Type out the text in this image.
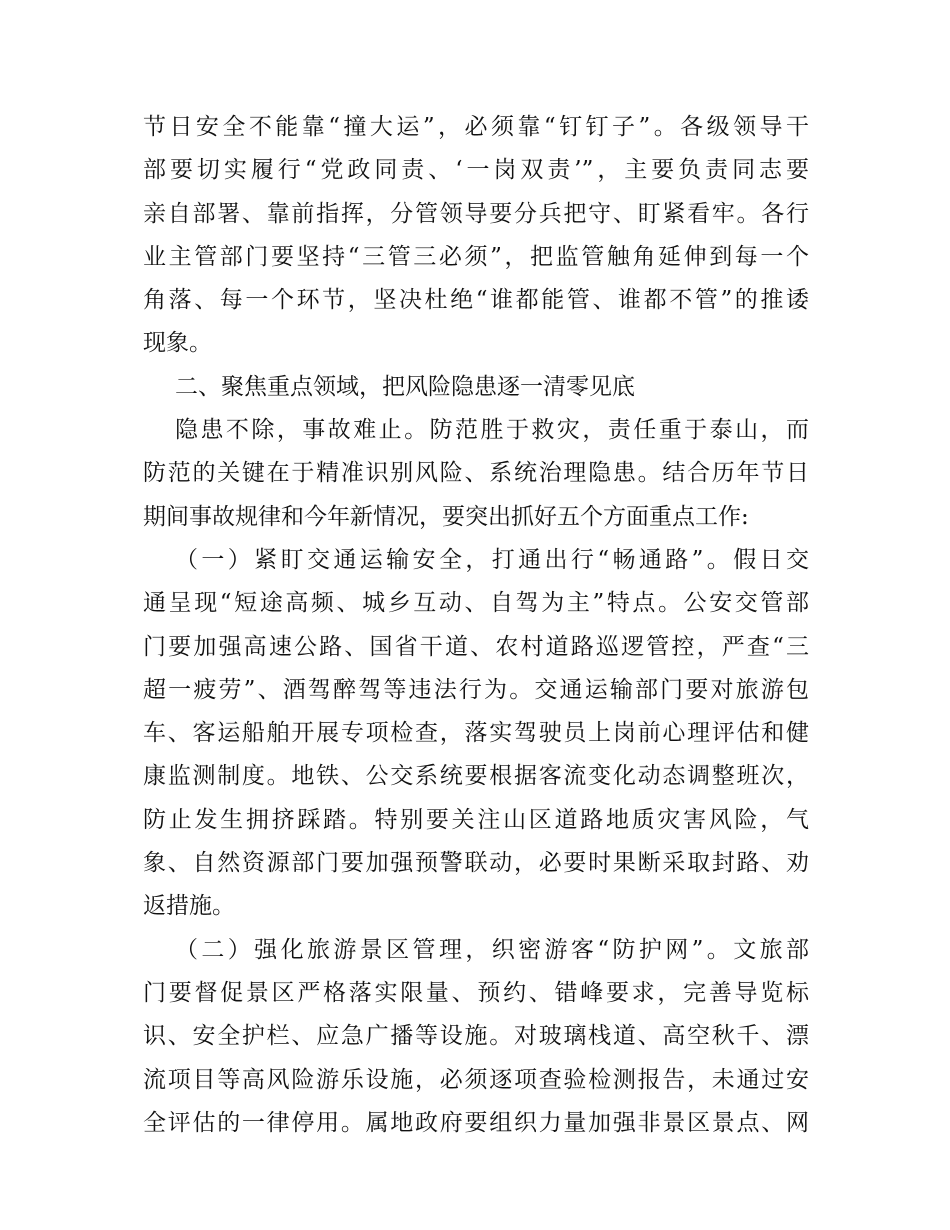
节日安全不能靠“撞大运”，必须靠“钉钉子”。各级领导干
部要切实履行“党政同责、‘一岗双责’”，主要负责同志要
亲自部署、靠前指挥，分管领导要分兵把守、盯紧看牢。各行
业主管部门要坚持“三管三必须”，把监管触角延伸到每一个
角落、每一个环节，坚决杜绝“谁都能管、谁都不管”的推诿
现象。
二、聚焦重点领域，把风险隐患逐一清零见底
隐患不除，事故难止。防范胜于救灾，责任重于泰山，而
防范的关键在于精准识别风险、系统治理隐患。结合历年节日
期间事故规律和今年新情况，要突出抓好五个方面重点工作:
（一）紧盯交通运输安全，打通出行“畅通路”。假日交
通呈现“短途高频、城乡互动、自驾为主”特点。公安交管部
门要加强高速公路、国省干道、农村道路巡逻管控，严查“三
超一疲劳”、酒驾醉驾等违法行为。交通运输部门要对旅游包
车、客运船舶开展专项检查，落实驾驶员上岗前心理评估和健
康监测制度。地铁、公交系统要根据客流变化动态调整班次，
防止发生拥挤踩踏。特别要关注山区道路地质灾害风险，气
象、自然资源部门要加强预警联动，必要时果断采取封路、劝
返措施。
（二）强化旅游景区管理，织密游客“防护网”。文旅部
门要督促景区严格落实限量、预约、错峰要求，完善导览标
识、安全护栏、应急广播等设施。对玻璃栈道、高空秋千、漂
流项目等高风险游乐设施，必须逐项查验检测报告，未通过安
全评估的一律停用。属地政府要组织力量加强非景区景点、网
